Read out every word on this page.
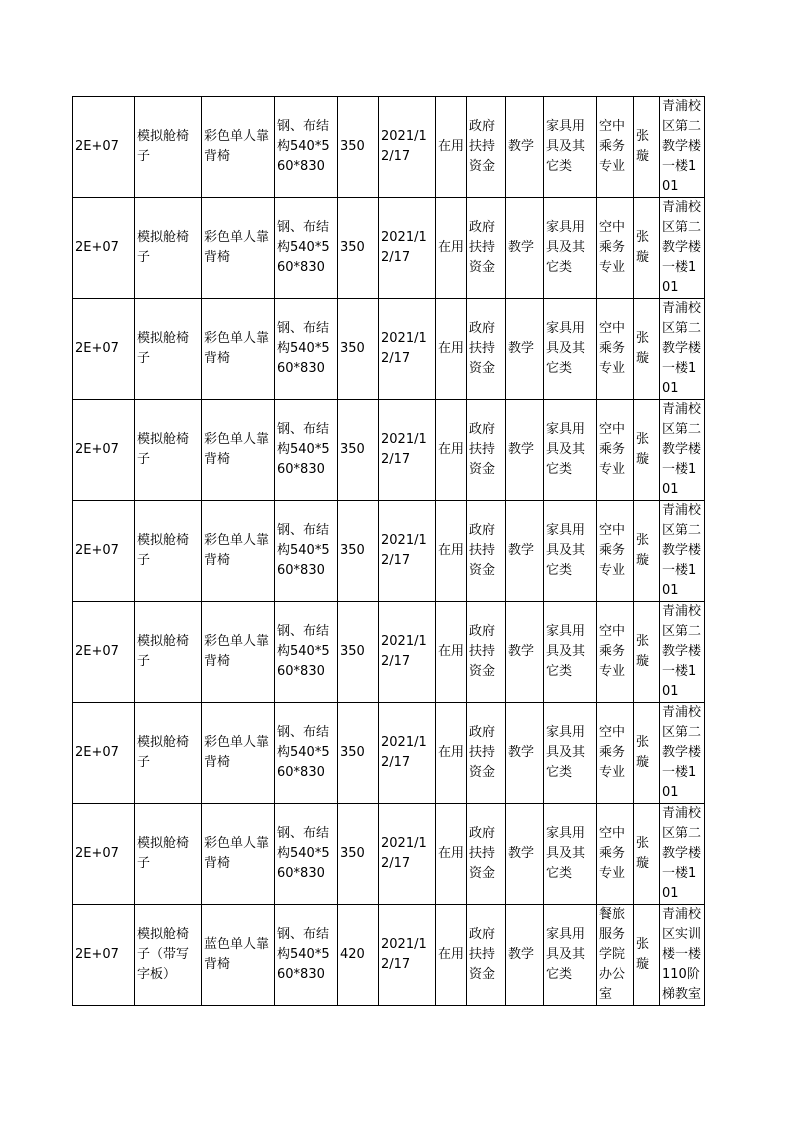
2E+07	模拟舱椅子	彩色单人靠背椅	钢、布结构540*560*830	350	2021/12/17	在用	政府扶持资金	教学	家具用具及其它类	空中乘务专业	张璇	青浦校区第二教学楼一楼101
2E+07	模拟舱椅子	彩色单人靠背椅	钢、布结构540*560*830	350	2021/12/17	在用	政府扶持资金	教学	家具用具及其它类	空中乘务专业	张璇	青浦校区第二教学楼一楼101
2E+07	模拟舱椅子	彩色单人靠背椅	钢、布结构540*560*830	350	2021/12/17	在用	政府扶持资金	教学	家具用具及其它类	空中乘务专业	张璇	青浦校区第二教学楼一楼101
2E+07	模拟舱椅子	彩色单人靠背椅	钢、布结构540*560*830	350	2021/12/17	在用	政府扶持资金	教学	家具用具及其它类	空中乘务专业	张璇	青浦校区第二教学楼一楼101
2E+07	模拟舱椅子	彩色单人靠背椅	钢、布结构540*560*830	350	2021/12/17	在用	政府扶持资金	教学	家具用具及其它类	空中乘务专业	张璇	青浦校区第二教学楼一楼101
2E+07	模拟舱椅子	彩色单人靠背椅	钢、布结构540*560*830	350	2021/12/17	在用	政府扶持资金	教学	家具用具及其它类	空中乘务专业	张璇	青浦校区第二教学楼一楼101
2E+07	模拟舱椅子	彩色单人靠背椅	钢、布结构540*560*830	350	2021/12/17	在用	政府扶持资金	教学	家具用具及其它类	空中乘务专业	张璇	青浦校区第二教学楼一楼101
2E+07	模拟舱椅子	彩色单人靠背椅	钢、布结构540*560*830	350	2021/12/17	在用	政府扶持资金	教学	家具用具及其它类	空中乘务专业	张璇	青浦校区第二教学楼一楼101
2E+07	模拟舱椅子（带写字板）	蓝色单人靠背椅	钢、布结构540*560*830	420	2021/12/17	在用	政府扶持资金	教学	家具用具及其它类	餐旅服务学院办公室	张璇	青浦校区实训楼一楼110阶梯教室
